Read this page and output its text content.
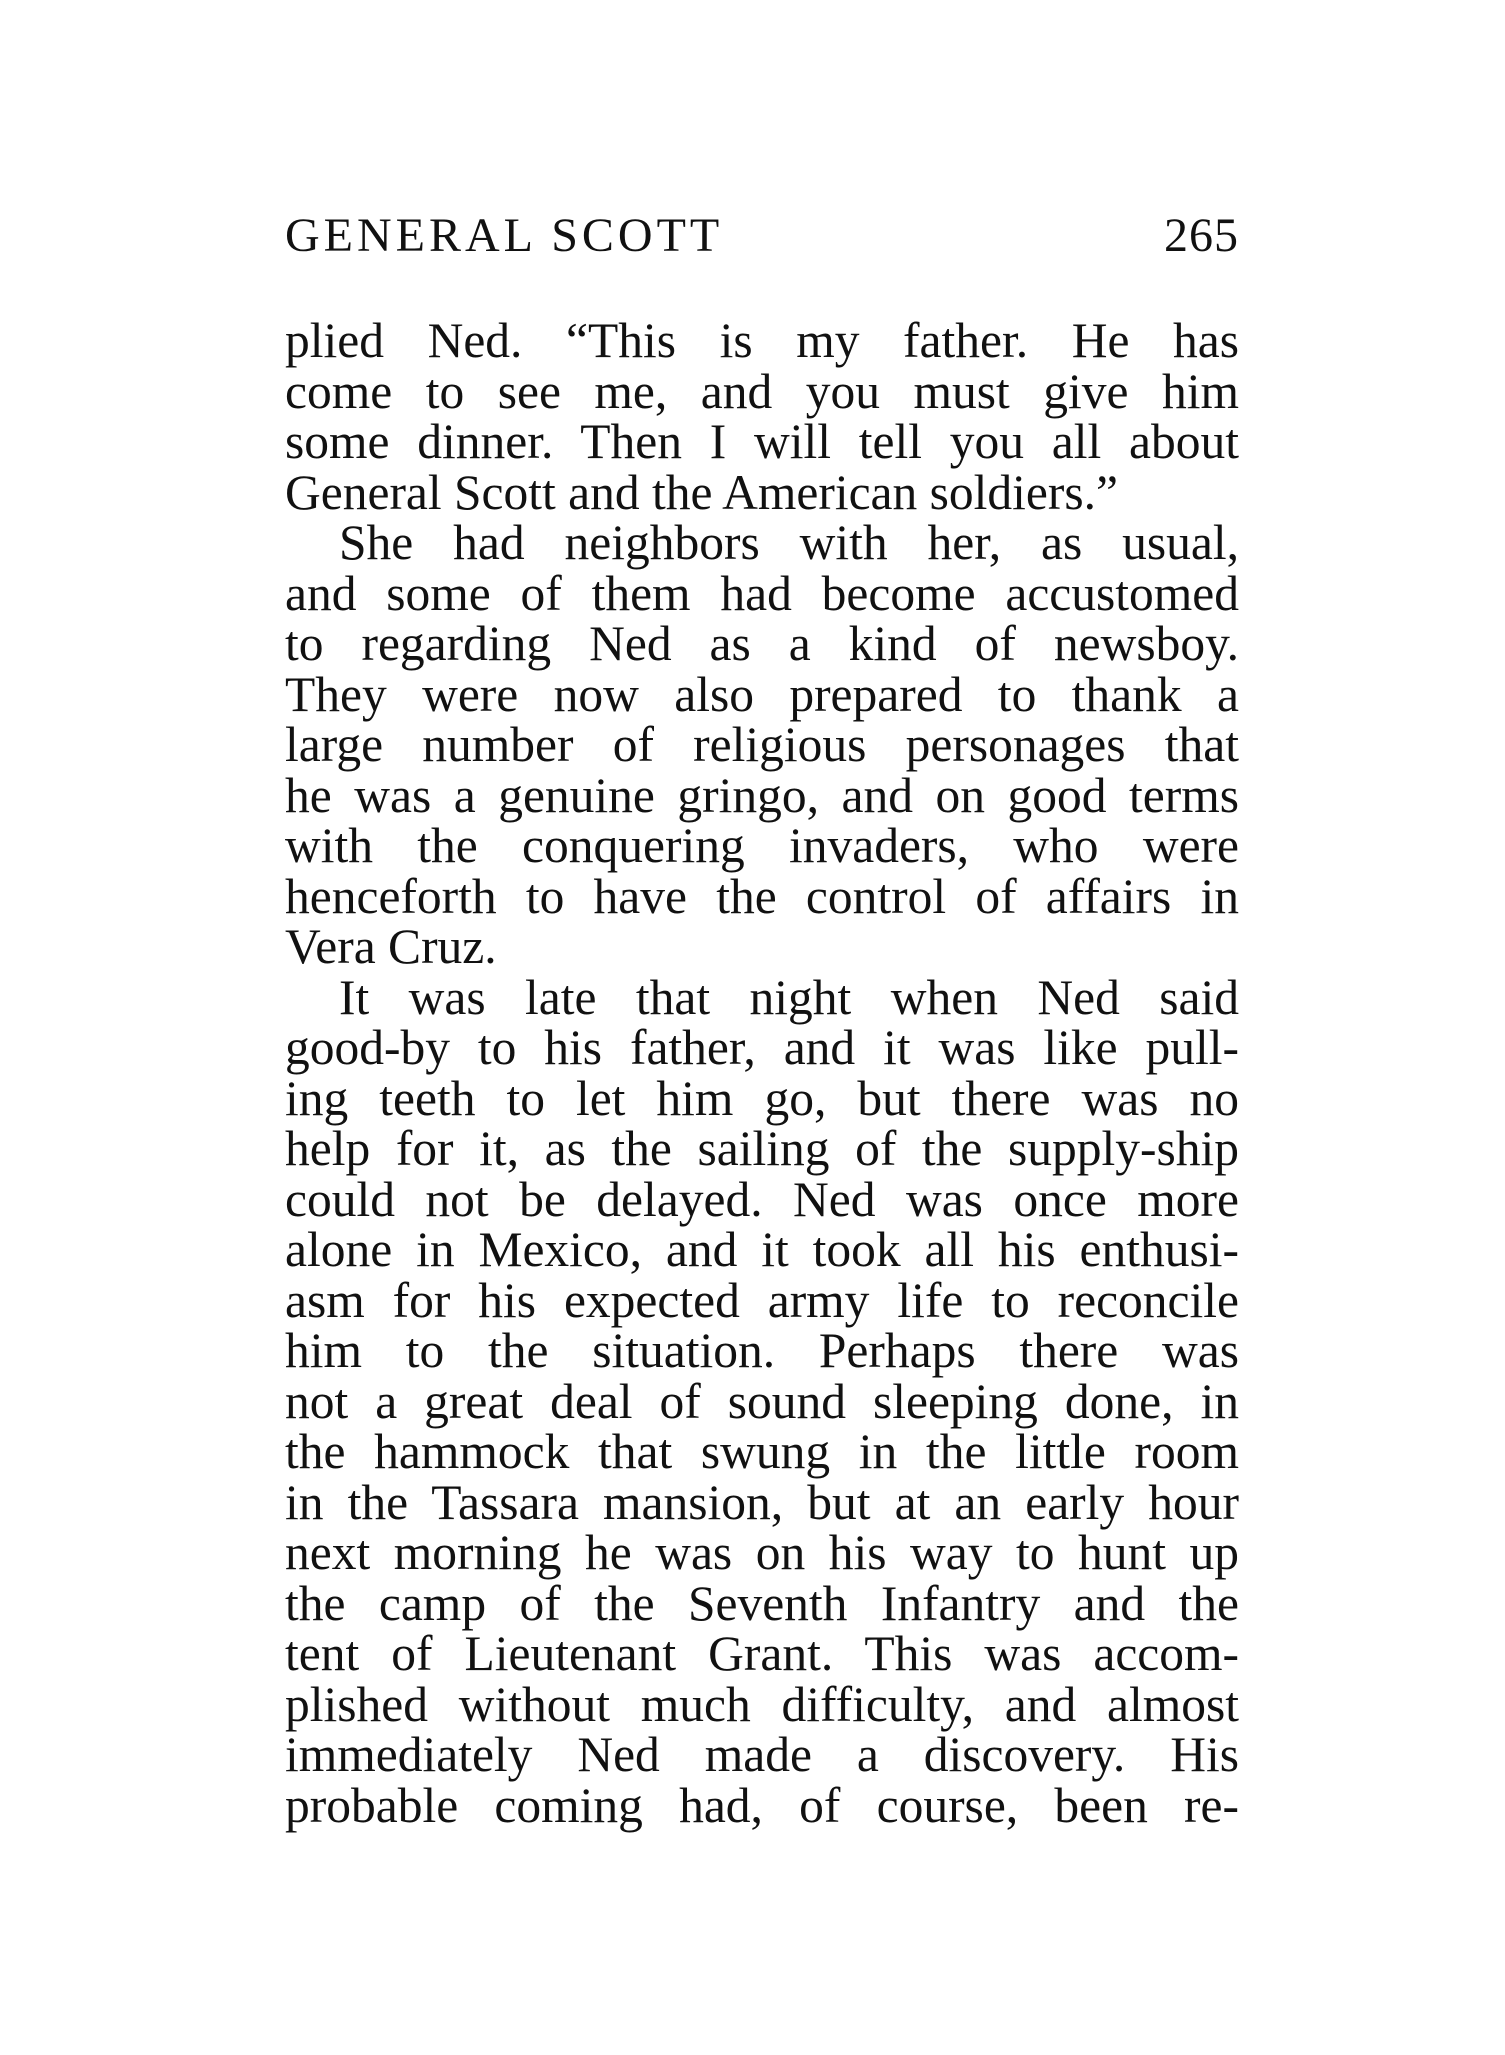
GENERAL SCOTT	265
plied Ned. “This is my father. He has
come to see me, and you must give him
some dinner. Then I will tell you all about
General Scott and the American soldiers.”
She had neighbors with her, as usual,
and some of them had become accustomed
to regarding Ned as a kind of newsboy.
They were now also prepared to thank a
large number of religious personages that
he was a genuine gringo, and on good terms
with the conquering invaders, who were
henceforth to have the control of affairs in
Vera Cruz.
It was late that night when Ned said
good-by to his father, and it was like pull-
ing teeth to let him go, but there was no
help for it, as the sailing of the supply-ship
could not be delayed. Ned was once more
alone in Mexico, and it took all his enthusi-
asm for his expected army life to reconcile
him to the situation. Perhaps there was
not a great deal of sound sleeping done, in
the hammock that swung in the little room
in the Tassara mansion, but at an early hour
next morning he was on his way to hunt up
the camp of the Seventh Infantry and the
tent of Lieutenant Grant. This was accom-
plished without much difficulty, and almost
immediately Ned made a discovery. His
probable coming had, of course, been re-
